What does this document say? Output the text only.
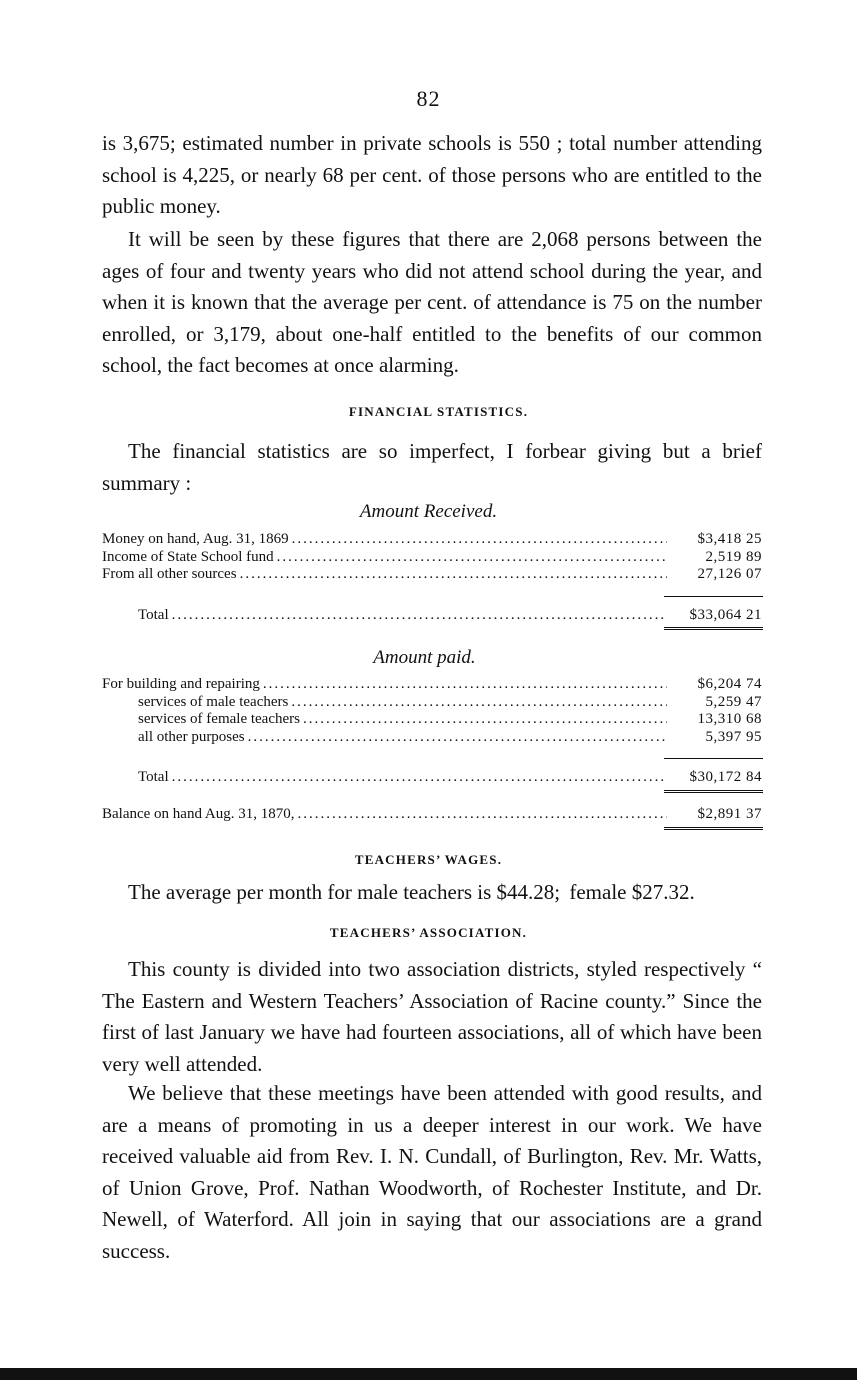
82

is 3,675; estimated number in private schools is 550 ; total number attending school is 4,225, or nearly 68 per cent. of those persons who are entitled to the public money.

It will be seen by these figures that there are 2,068 persons between the ages of four and twenty years who did not attend school during the year, and when it is known that the average per cent. of attendance is 75 on the number enrolled, or 3,179, about one-half entitled to the benefits of our common school, the fact becomes at once alarming.

FINANCIAL STATISTICS.

The financial statistics are so imperfect, I forbear giving but a brief summary :

Amount Received.
Money on hand, Aug. 31, 1869 .....	$3,418 25
Income of State School fund .....	2,519 89
From all other sources .....	27,126 07
Total .....	$33,064 21
Amount paid.
For building and repairing .....	$6,204 74
services of male teachers .....	5,259 47
services of female teachers .....	13,310 68
all other purposes .....	5,397 95
Total .....	$30,172 84
Balance on hand Aug. 31, 1870, .....	$2,891 37
TEACHERS’ WAGES.
The average per month for male teachers is $44.28; female $27.32.
TEACHERS’ ASSOCIATION.

This county is divided into two association districts, styled respectively “ The Eastern and Western Teachers’ Association of Racine county.” Since the first of last January we have had fourteen associations, all of which have been very well attended.

We believe that these meetings have been attended with good results, and are a means of promoting in us a deeper interest in our work. We have received valuable aid from Rev. I. N. Cundall, of Burlington, Rev. Mr. Watts, of Union Grove, Prof. Nathan Woodworth, of Rochester Institute, and Dr. Newell, of Waterford. All join in saying that our associations are a grand success.
